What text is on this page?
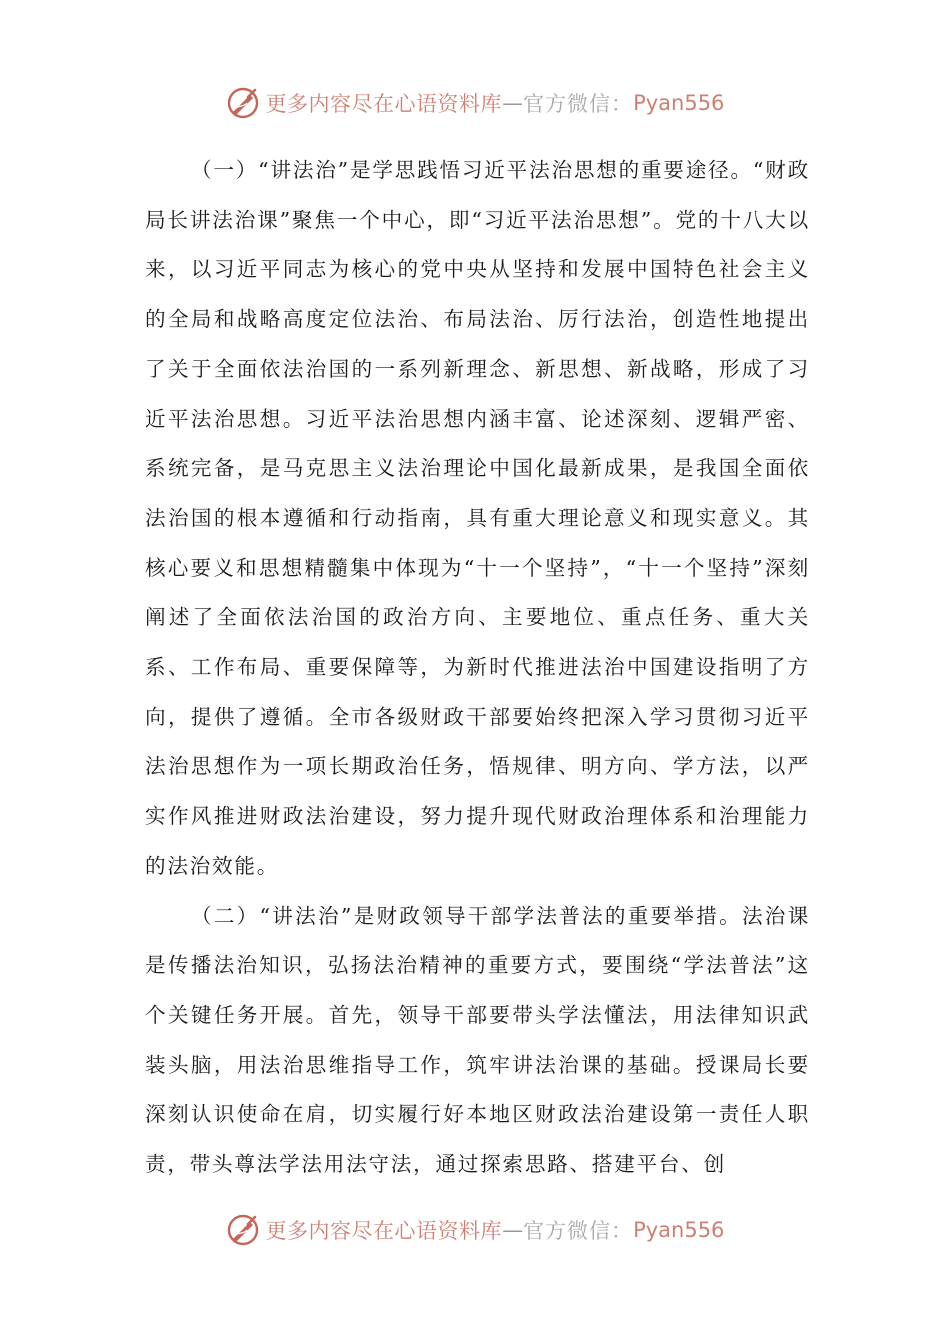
更多内容尽在心语资料库 — 官方微信： Pyan556

（一）“讲法治”是学思践悟习近平法治思想的重要途径。“财政局长讲法治课”聚焦一个中心，即“习近平法治思想”。党的十八大以来，以习近平同志为核心的党中央从坚持和发展中国特色社会主义的全局和战略高度定位法治、布局法治、厉行法治，创造性地提出了关于全面依法治国的一系列新理念、新思想、新战略，形成了习近平法治思想。习近平法治思想内涵丰富、论述深刻、逻辑严密、系统完备，是马克思主义法治理论中国化最新成果，是我国全面依法治国的根本遵循和行动指南，具有重大理论意义和现实意义。其核心要义和思想精髓集中体现为“十一个坚持”，“十一个坚持”深刻阐述了全面依法治国的政治方向、主要地位、重点任务、重大关系、工作布局、重要保障等，为新时代推进法治中国建设指明了方向，提供了遵循。全市各级财政干部要始终把深入学习贯彻习近平法治思想作为一项长期政治任务，悟规律、明方向、学方法，以严实作风推进财政法治建设，努力提升现代财政治理体系和治理能力的法治效能。

（二）“讲法治”是财政领导干部学法普法的重要举措。法治课是传播法治知识，弘扬法治精神的重要方式，要围绕“学法普法”这个关键任务开展。首先，领导干部要带头学法懂法，用法律知识武装头脑，用法治思维指导工作，筑牢讲法治课的基础。授课局长要深刻认识使命在肩，切实履行好本地区财政法治建设第一责任人职责，带头尊法学法用法守法，通过探索思路、搭建平台、创

更多内容尽在心语资料库 — 官方微信： Pyan556
